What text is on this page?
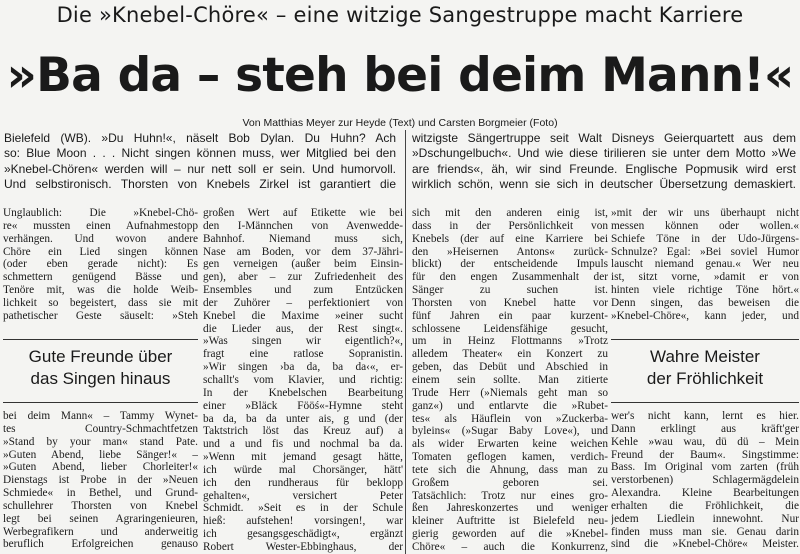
Die »Knebel-Chöre« – eine witzige Sangestruppe macht Karriere
»Ba da – steh bei deim Mann!«
Von Matthias Meyer zur Heyde (Text) und Carsten Borgmeier (Foto)
Bielefeld (WB). »Du Huhn!«, näselt Bob Dylan. Du Huhn? Ach
so: Blue Moon . . . Nicht singen können muss, wer Mitglied bei den
»Knebel-Chören« werden will – nur nett soll er sein. Und humorvoll.
Und selbstironisch. Thorsten von Knebels Zirkel ist garantiert die
witzigste Sängertruppe seit Walt Disneys Geierquartett aus dem
»Dschungelbuch«. Und wie diese tirilieren sie unter dem Motto »We
are friends«, äh, wir sind Freunde. Englische Popmusik wird erst
wirklich schön, wenn sie sich in deutscher Übersetzung demaskiert.
Unglaublich: Die »Knebel-Chö-
re« mussten einen Aufnahmestopp
verhängen. Und wovon andere
Chöre ein Lied singen können
(oder eben gerade nicht): Es
schmettern genügend Bässe und
Tenöre mit, was die holde Weib-
lichkeit so begeistert, dass sie mit
pathetischer Geste säuselt: »Steh
Gute Freunde über
das Singen hinaus
bei deim Mann« – Tammy Wynet-
tes Country-Schmachtfetzen
»Stand by your man« stand Pate.
»Guten Abend, liebe Sänger!« –
»Guten Abend, lieber Chorleiter!«
Dienstags ist Probe in der »Neuen
Schmiede« in Bethel, und Grund-
schullehrer Thorsten von Knebel
legt bei seinen Agraringenieuren,
Werbegrafikern und anderweitig
beruflich Erfolgreichen genauso
großen Wert auf Etikette wie bei
den I-Männchen von Avenwedde-
Bahnhof. Niemand muss sich,
Nase am Boden, vor dem 37-Jähri-
gen verneigen (außer beim Einsin-
gen), aber – zur Zufriedenheit des
Ensembles und zum Entzücken
der Zuhörer – perfektioniert von
Knebel die Maxime »einer sucht
die Lieder aus, der Rest singt«.
»Was singen wir eigentlich?«,
fragt eine ratlose Sopranistin.
»Wir singen ›ba da, ba da‹«, er-
schallt's vom Klavier, und richtig:
In der Knebelschen Bearbeitung
einer »Bläck Fööś«-Hymne steht
ba da, ba da unter ais, g und (der
Taktstrich löst das Kreuz auf) a
und a und fis und nochmal ba da.
»Wenn mit jemand gesagt hätte,
ich würde mal Chorsänger, hätt'
ich den rundheraus für beklopp
gehalten«, versichert Peter
Schmidt. »Seit es in der Schule
hieß: aufstehen! vorsingen!, war
ich gesangsgeschädigt«, ergänzt
Robert Wester-Ebbinghaus, der
sich mit den anderen einig ist,
dass in der Persönlichkeit von
Knebels (der auf eine Karriere bei
den »Heisernen Antons« zurück-
blickt) der entscheidende Impuls
für den engen Zusammenhalt der
Sänger zu suchen ist.
Thorsten von Knebel hatte vor
fünf Jahren ein paar kurzent-
schlossene Leidensfähige gesucht,
um in Heinz Flottmanns »Trotz
alledem Theater« ein Konzert zu
geben, das Debüt und Abschied in
einem sein sollte. Man zitierte
Trude Herr (»Niemals geht man so
ganz«) und entlarvte die »Rubet-
tes« als Häuflein von »Zuckerba-
byleins« (»Sugar Baby Love«), und
als wider Erwarten keine weichen
Tomaten geflogen kamen, verdich-
tete sich die Ahnung, dass man zu
Großem geboren sei.
Tatsächlich: Trotz nur eines gro-
ßen Jahreskonzertes und weniger
kleiner Auftritte ist Bielefeld neu-
gierig geworden auf die »Knebel-
Chöre« – auch die Konkurrenz,
»mit der wir uns überhaupt nicht
messen können oder wollen.«
Schiefe Töne in der Udo-Jürgens-
Schnulze? Egal: »Bei soviel Humor
lauscht niemand genau.« Wer neu
ist, sitzt vorne, »damit er von
hinten viele richtige Töne hört.«
Denn singen, das beweisen die
»Knebel-Chöre«, kann jeder, und
Wahre Meister
der Fröhlichkeit
wer's nicht kann, lernt es hier.
Dann erklingt aus kräft'ger
Kehle »wau wau, dü dü – Mein
Freund der Baum«. Singstimme:
Bass. Im Original vom zarten (früh
verstorbenen) Schlagermägdelein
Alexandra. Kleine Bearbeitungen
erhalten die Fröhlichkeit, die
jedem Liedlein innewohnt. Nur
finden muss man sie. Genau darin
sind die »Knebel-Chöre« Meister.
